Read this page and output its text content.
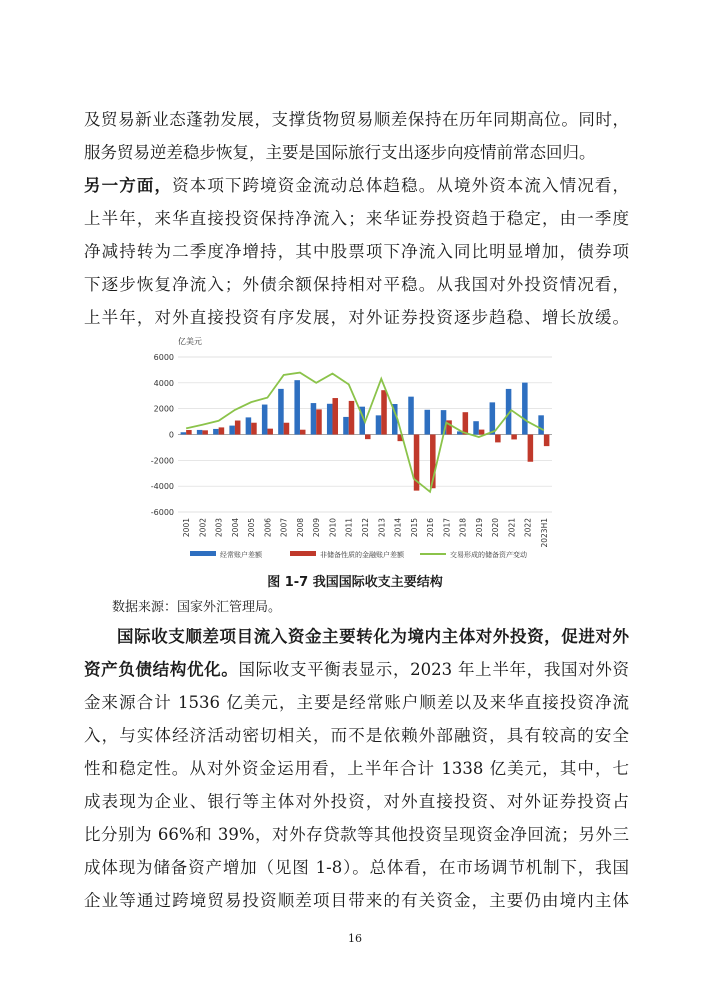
及贸易新业态蓬勃发展，支撑货物贸易顺差保持在历年同期高位。同时，
服务贸易逆差稳步恢复，主要是国际旅行支出逐步向疫情前常态回归。
另一方面，资本项下跨境资金流动总体趋稳。从境外资本流入情况看，
上半年，来华直接投资保持净流入；来华证券投资趋于稳定，由一季度
净减持转为二季度净增持，其中股票项下净流入同比明显增加，债券项
下逐步恢复净流入；外债余额保持相对平稳。从我国对外投资情况看，
上半年，对外直接投资有序发展，对外证券投资逐步趋稳、增长放缓。
亿美元
-6000
-4000
-2000
0
2000
4000
6000
2001 2002 2003 2004 2005 2006 2007 2008 2009 2010 2011 2012 2013 2014 2015 2016 2017 2018 2019 2020 2021 2022 2023H1
经常账户差额	非储备性质的金融账户差额	交易形成的储备资产变动
图 1-7 我国国际收支主要结构
数据来源：国家外汇管理局。
国际收支顺差项目流入资金主要转化为境内主体对外投资，促进对外
资产负债结构优化。国际收支平衡表显示，2023 年上半年，我国对外资
金来源合计 1536 亿美元，主要是经常账户顺差以及来华直接投资净流
入，与实体经济活动密切相关，而不是依赖外部融资，具有较高的安全
性和稳定性。从对外资金运用看，上半年合计 1338 亿美元，其中，七
成表现为企业、银行等主体对外投资，对外直接投资、对外证券投资占
比分别为 66%和 39%，对外存贷款等其他投资呈现资金净回流；另外三
成体现为储备资产增加（见图 1-8）。总体看，在市场调节机制下，我国
企业等通过跨境贸易投资顺差项目带来的有关资金，主要仍由境内主体
16
